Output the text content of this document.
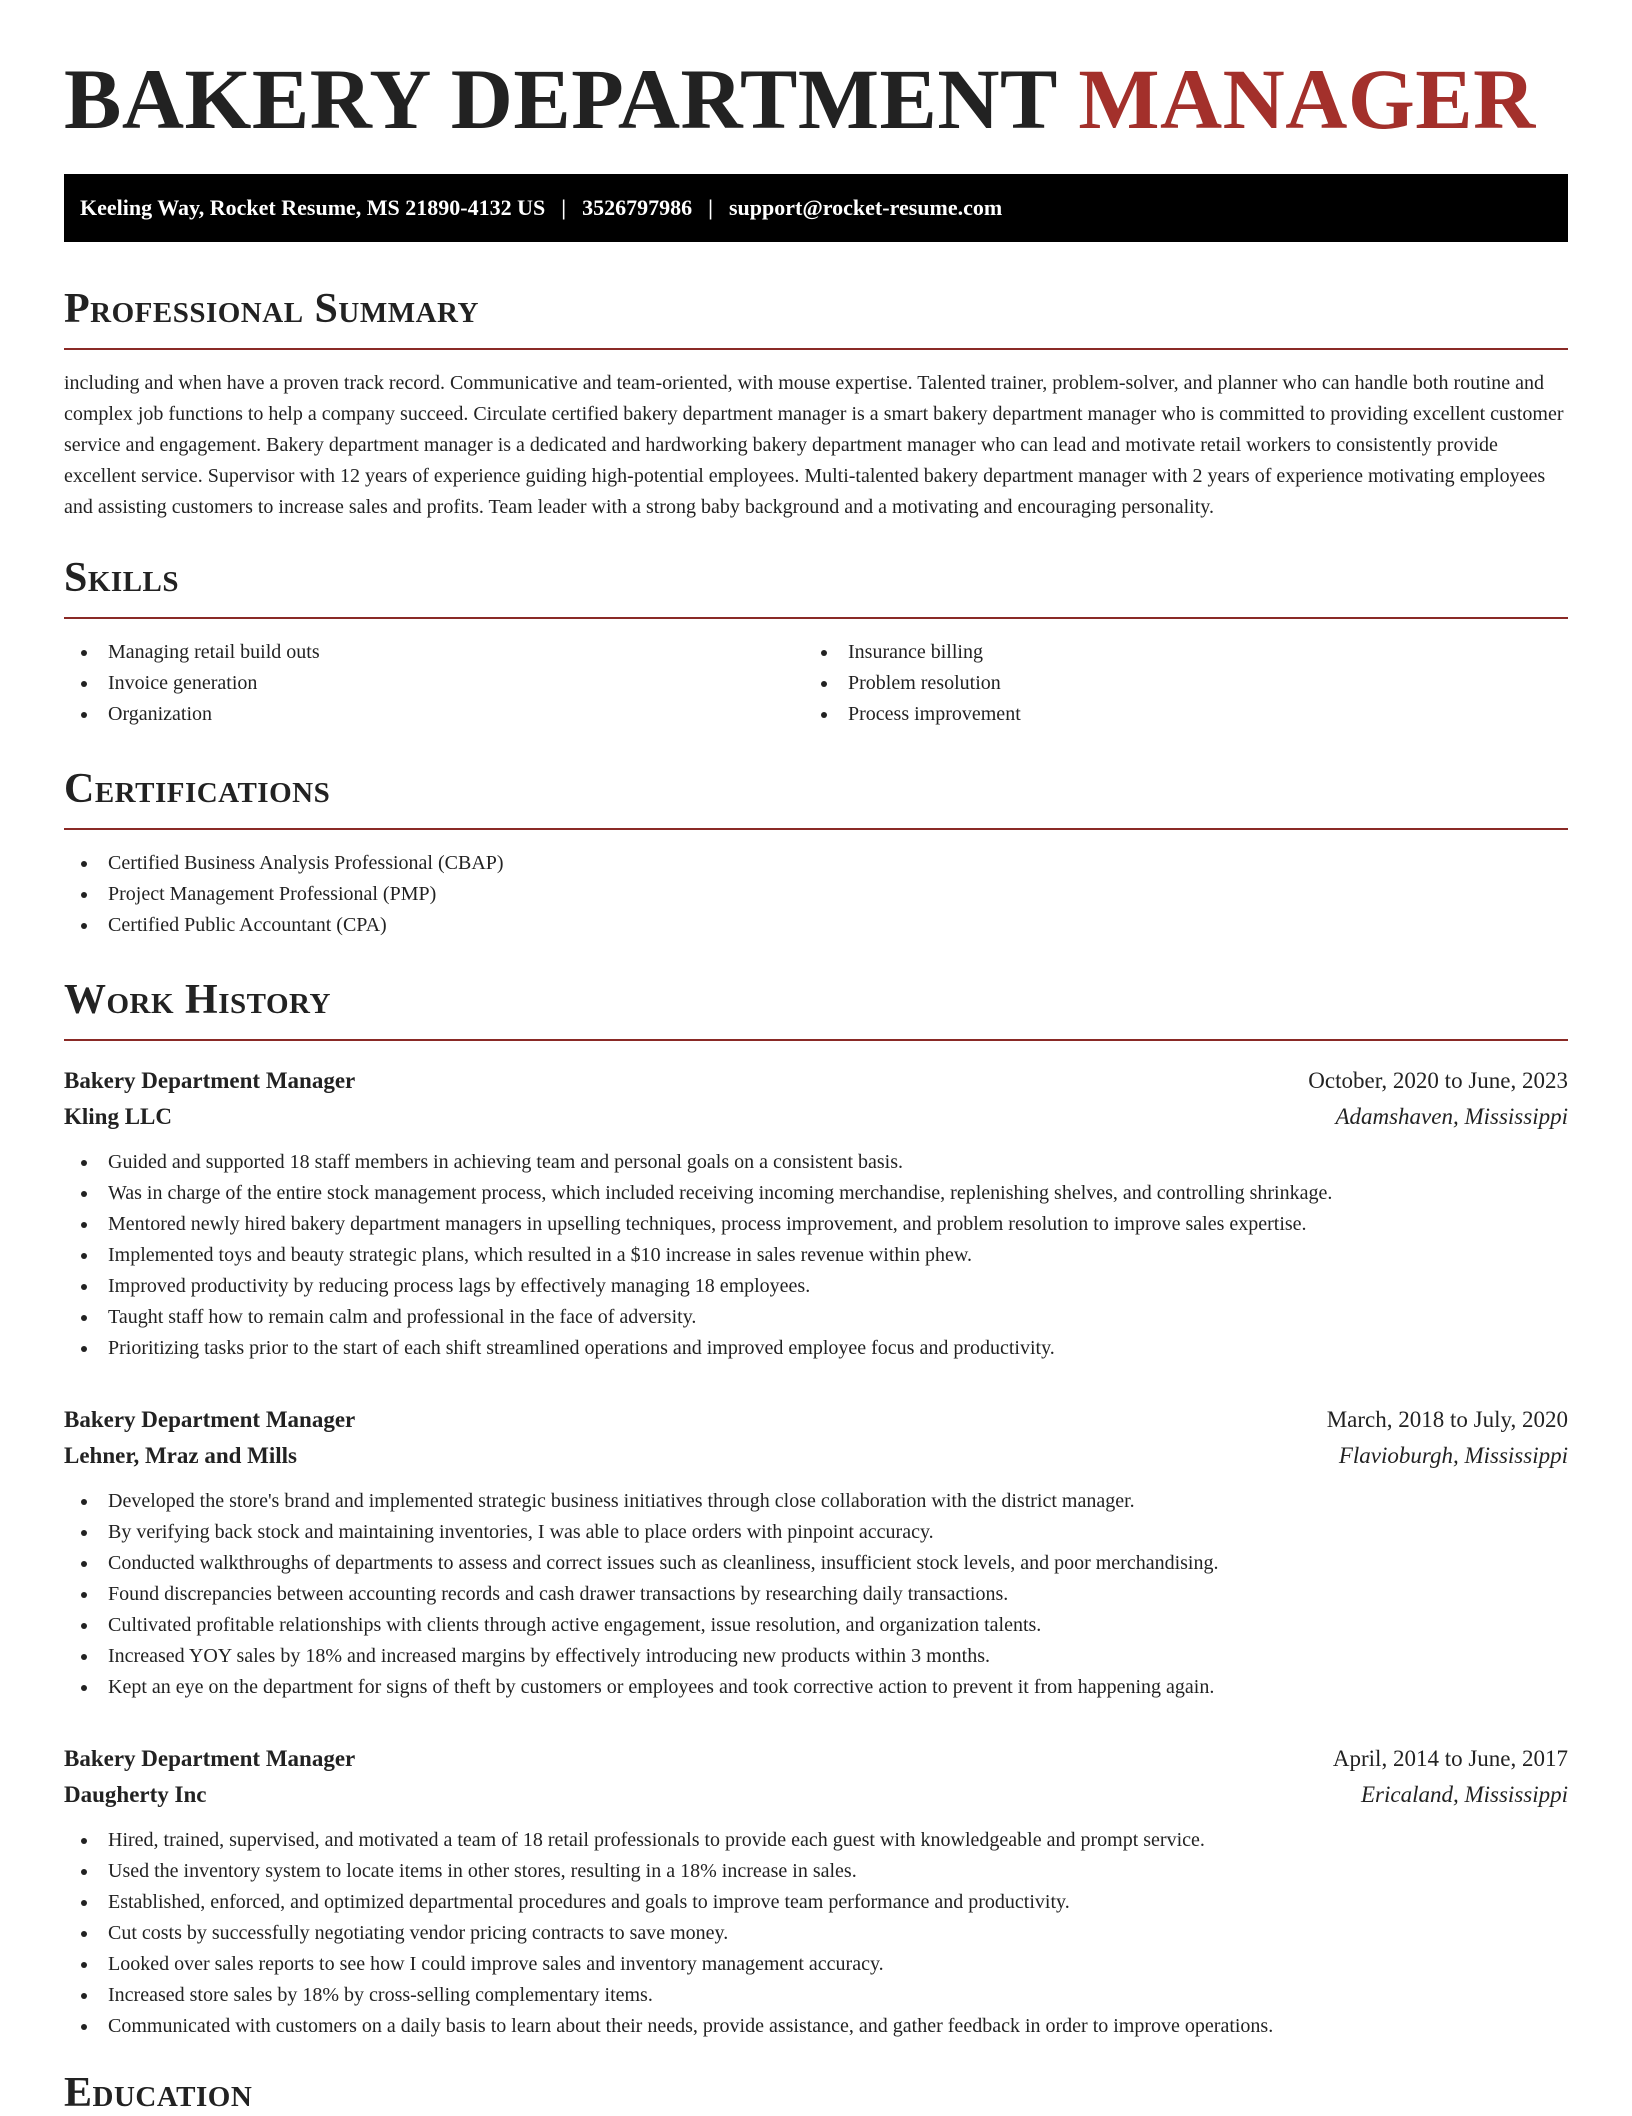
BAKERY DEPARTMENT MANAGER
Keeling Way, Rocket Resume, MS 21890-4132 US | 3526797986 | support@rocket-resume.com
Professional Summary

including and when have a proven track record. Communicative and team-oriented, with mouse expertise. Talented trainer, problem-solver, and planner who can handle both routine and complex job functions to help a company succeed. Circulate certified bakery department manager is a smart bakery department manager who is committed to providing excellent customer service and engagement. Bakery department manager is a dedicated and hardworking bakery department manager who can lead and motivate retail workers to consistently provide excellent service. Supervisor with 12 years of experience guiding high-potential employees. Multi-talented bakery department manager with 2 years of experience motivating employees and assisting customers to increase sales and profits. Team leader with a strong baby background and a motivating and encouraging personality.

Skills
Managing retail build outs
Invoice generation
Organization
Insurance billing
Problem resolution
Process improvement
Certifications
Certified Business Analysis Professional (CBAP)
Project Management Professional (PMP)
Certified Public Accountant (CPA)
Work History
Bakery Department Manager	October, 2020 to June, 2023
Kling LLC	Adamshaven, Mississippi
Guided and supported 18 staff members in achieving team and personal goals on a consistent basis.
Was in charge of the entire stock management process, which included receiving incoming merchandise, replenishing shelves, and controlling shrinkage.
Mentored newly hired bakery department managers in upselling techniques, process improvement, and problem resolution to improve sales expertise.
Implemented toys and beauty strategic plans, which resulted in a $10 increase in sales revenue within phew.
Improved productivity by reducing process lags by effectively managing 18 employees.
Taught staff how to remain calm and professional in the face of adversity.
Prioritizing tasks prior to the start of each shift streamlined operations and improved employee focus and productivity.
Bakery Department Manager	March, 2018 to July, 2020
Lehner, Mraz and Mills	Flavioburgh, Mississippi
Developed the store's brand and implemented strategic business initiatives through close collaboration with the district manager.
By verifying back stock and maintaining inventories, I was able to place orders with pinpoint accuracy.
Conducted walkthroughs of departments to assess and correct issues such as cleanliness, insufficient stock levels, and poor merchandising.
Found discrepancies between accounting records and cash drawer transactions by researching daily transactions.
Cultivated profitable relationships with clients through active engagement, issue resolution, and organization talents.
Increased YOY sales by 18% and increased margins by effectively introducing new products within 3 months.
Kept an eye on the department for signs of theft by customers or employees and took corrective action to prevent it from happening again.
Bakery Department Manager	April, 2014 to June, 2017
Daugherty Inc	Ericaland, Mississippi
Hired, trained, supervised, and motivated a team of 18 retail professionals to provide each guest with knowledgeable and prompt service.
Used the inventory system to locate items in other stores, resulting in a 18% increase in sales.
Established, enforced, and optimized departmental procedures and goals to improve team performance and productivity.
Cut costs by successfully negotiating vendor pricing contracts to save money.
Looked over sales reports to see how I could improve sales and inventory management accuracy.
Increased store sales by 18% by cross-selling complementary items.
Communicated with customers on a daily basis to learn about their needs, provide assistance, and gather feedback in order to improve operations.
Education
